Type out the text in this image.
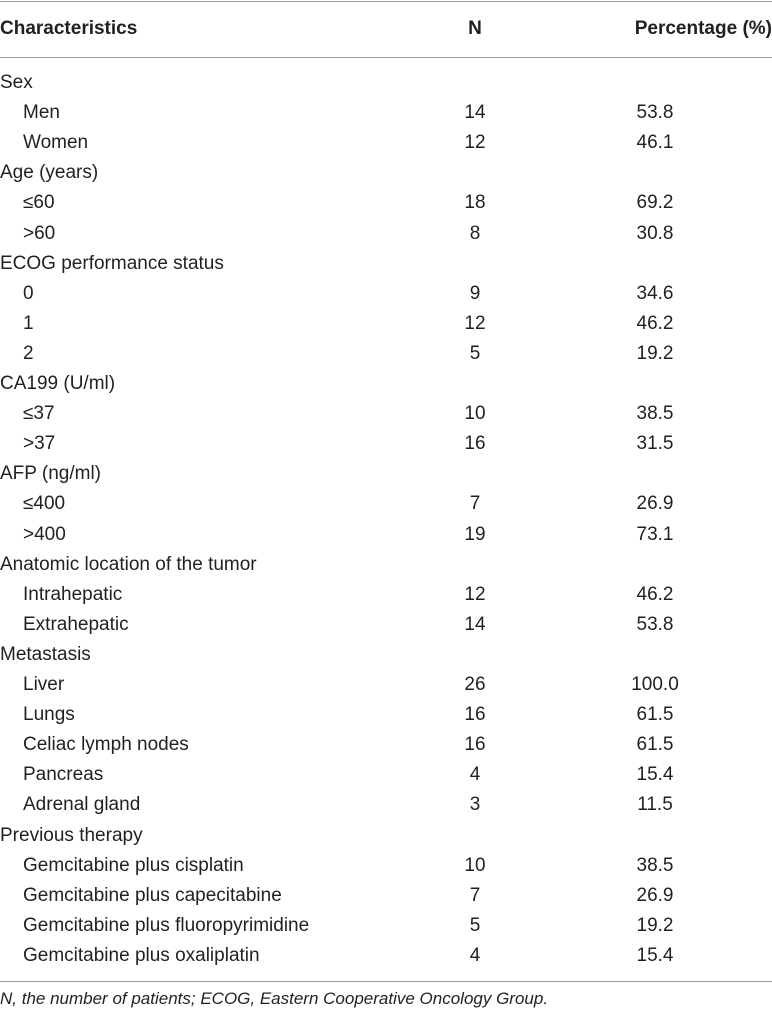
Characteristics	N	Percentage (%)
Sex
Men	14	53.8
Women	12	46.1
Age (years)
≤60	18	69.2
>60	8	30.8
ECOG performance status
0	9	34.6
1	12	46.2
2	5	19.2
CA199 (U/ml)
≤37	10	38.5
>37	16	31.5
AFP (ng/ml)
≤400	7	26.9
>400	19	73.1
Anatomic location of the tumor
Intrahepatic	12	46.2
Extrahepatic	14	53.8
Metastasis
Liver	26	100.0
Lungs	16	61.5
Celiac lymph nodes	16	61.5
Pancreas	4	15.4
Adrenal gland	3	11.5
Previous therapy
Gemcitabine plus cisplatin	10	38.5
Gemcitabine plus capecitabine	7	26.9
Gemcitabine plus fluoropyrimidine	5	19.2
Gemcitabine plus oxaliplatin	4	15.4
N, the number of patients; ECOG, Eastern Cooperative Oncology Group.
